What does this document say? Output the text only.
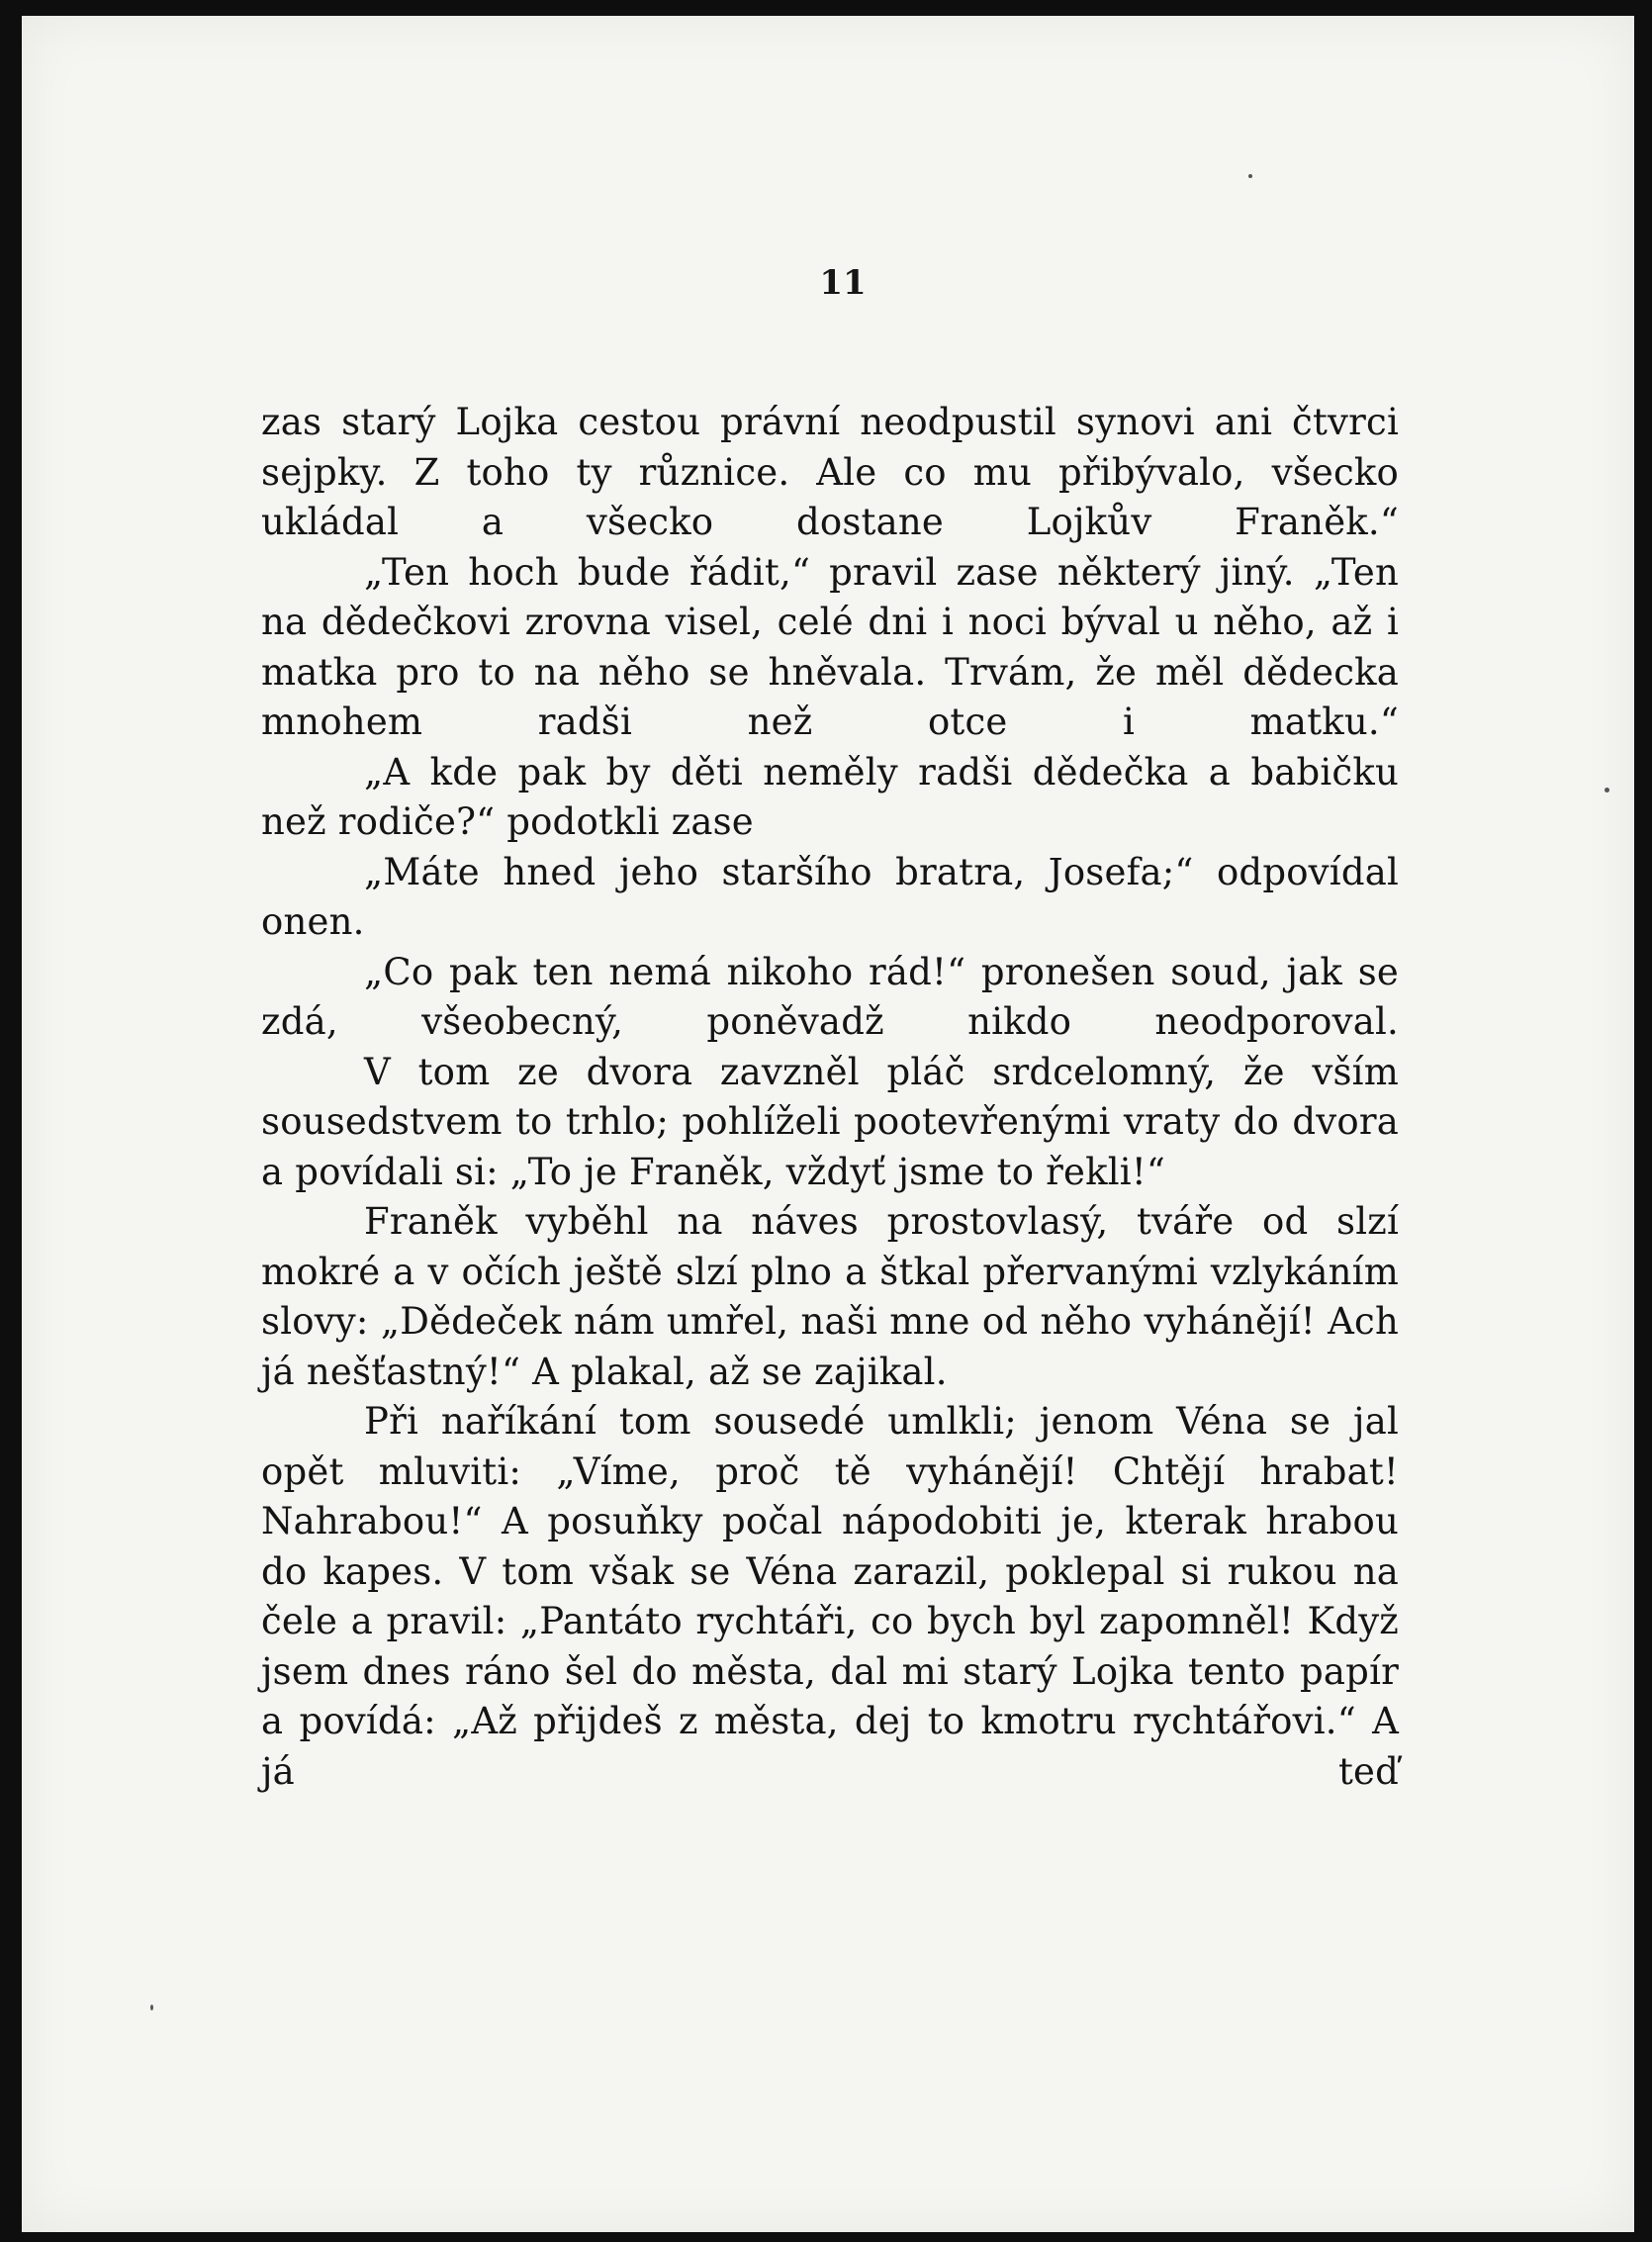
11

zas starý Lojka cestou právní neodpustil synovi ani čtvrci sejpky. Z toho ty různice. Ale co mu přibývalo, všecko ukládal a všecko dostane Lojkův Franěk.“

„Ten hoch bude řádit,“ pravil zase některý jiný. „Ten na dědečkovi zrovna visel, celé dni i noci býval u něho, až i matka pro to na něho se hněvala. Trvám, že měl dědecka mnohem radši než otce i matku.“

„A kde pak by děti neměly radši dědečka a babičku než rodiče?“ podotkli zase

„Máte hned jeho staršího bratra, Josefa;“ odpovídal onen.

„Co pak ten nemá nikoho rád!“ pronešen soud, jak se zdá, všeobecný, poněvadž nikdo neodporoval.

V tom ze dvora zavzněl pláč srdcelomný, že vším sousedstvem to trhlo; pohlíželi pootevřenými vraty do dvora a povídali si: „To je Franěk, vždyť jsme to řekli!“

Franěk vyběhl na náves prostovlasý, tváře od slzí mokré a v očích ještě slzí plno a štkal přervanými vzlykáním slovy: „Dědeček nám umřel, naši mne od něho vyhánějí! Ach já nešťastný!“ A plakal, až se zajikal.

Při naříkání tom sousedé umlkli; jenom Véna se jal opět mluviti: „Víme, proč tě vyhánějí! Chtějí hrabat! Nahrabou!“ A posuňky počal nápodobiti je, kterak hrabou do kapes. V tom však se Véna zarazil, poklepal si rukou na čele a pravil: „Pantáto rychtáři, co bych byl zapomněl! Když jsem dnes ráno šel do města, dal mi starý Lojka tento papír a povídá: „Až přijdeš z města, dej to kmotru rychtářovi.“ A já teď
